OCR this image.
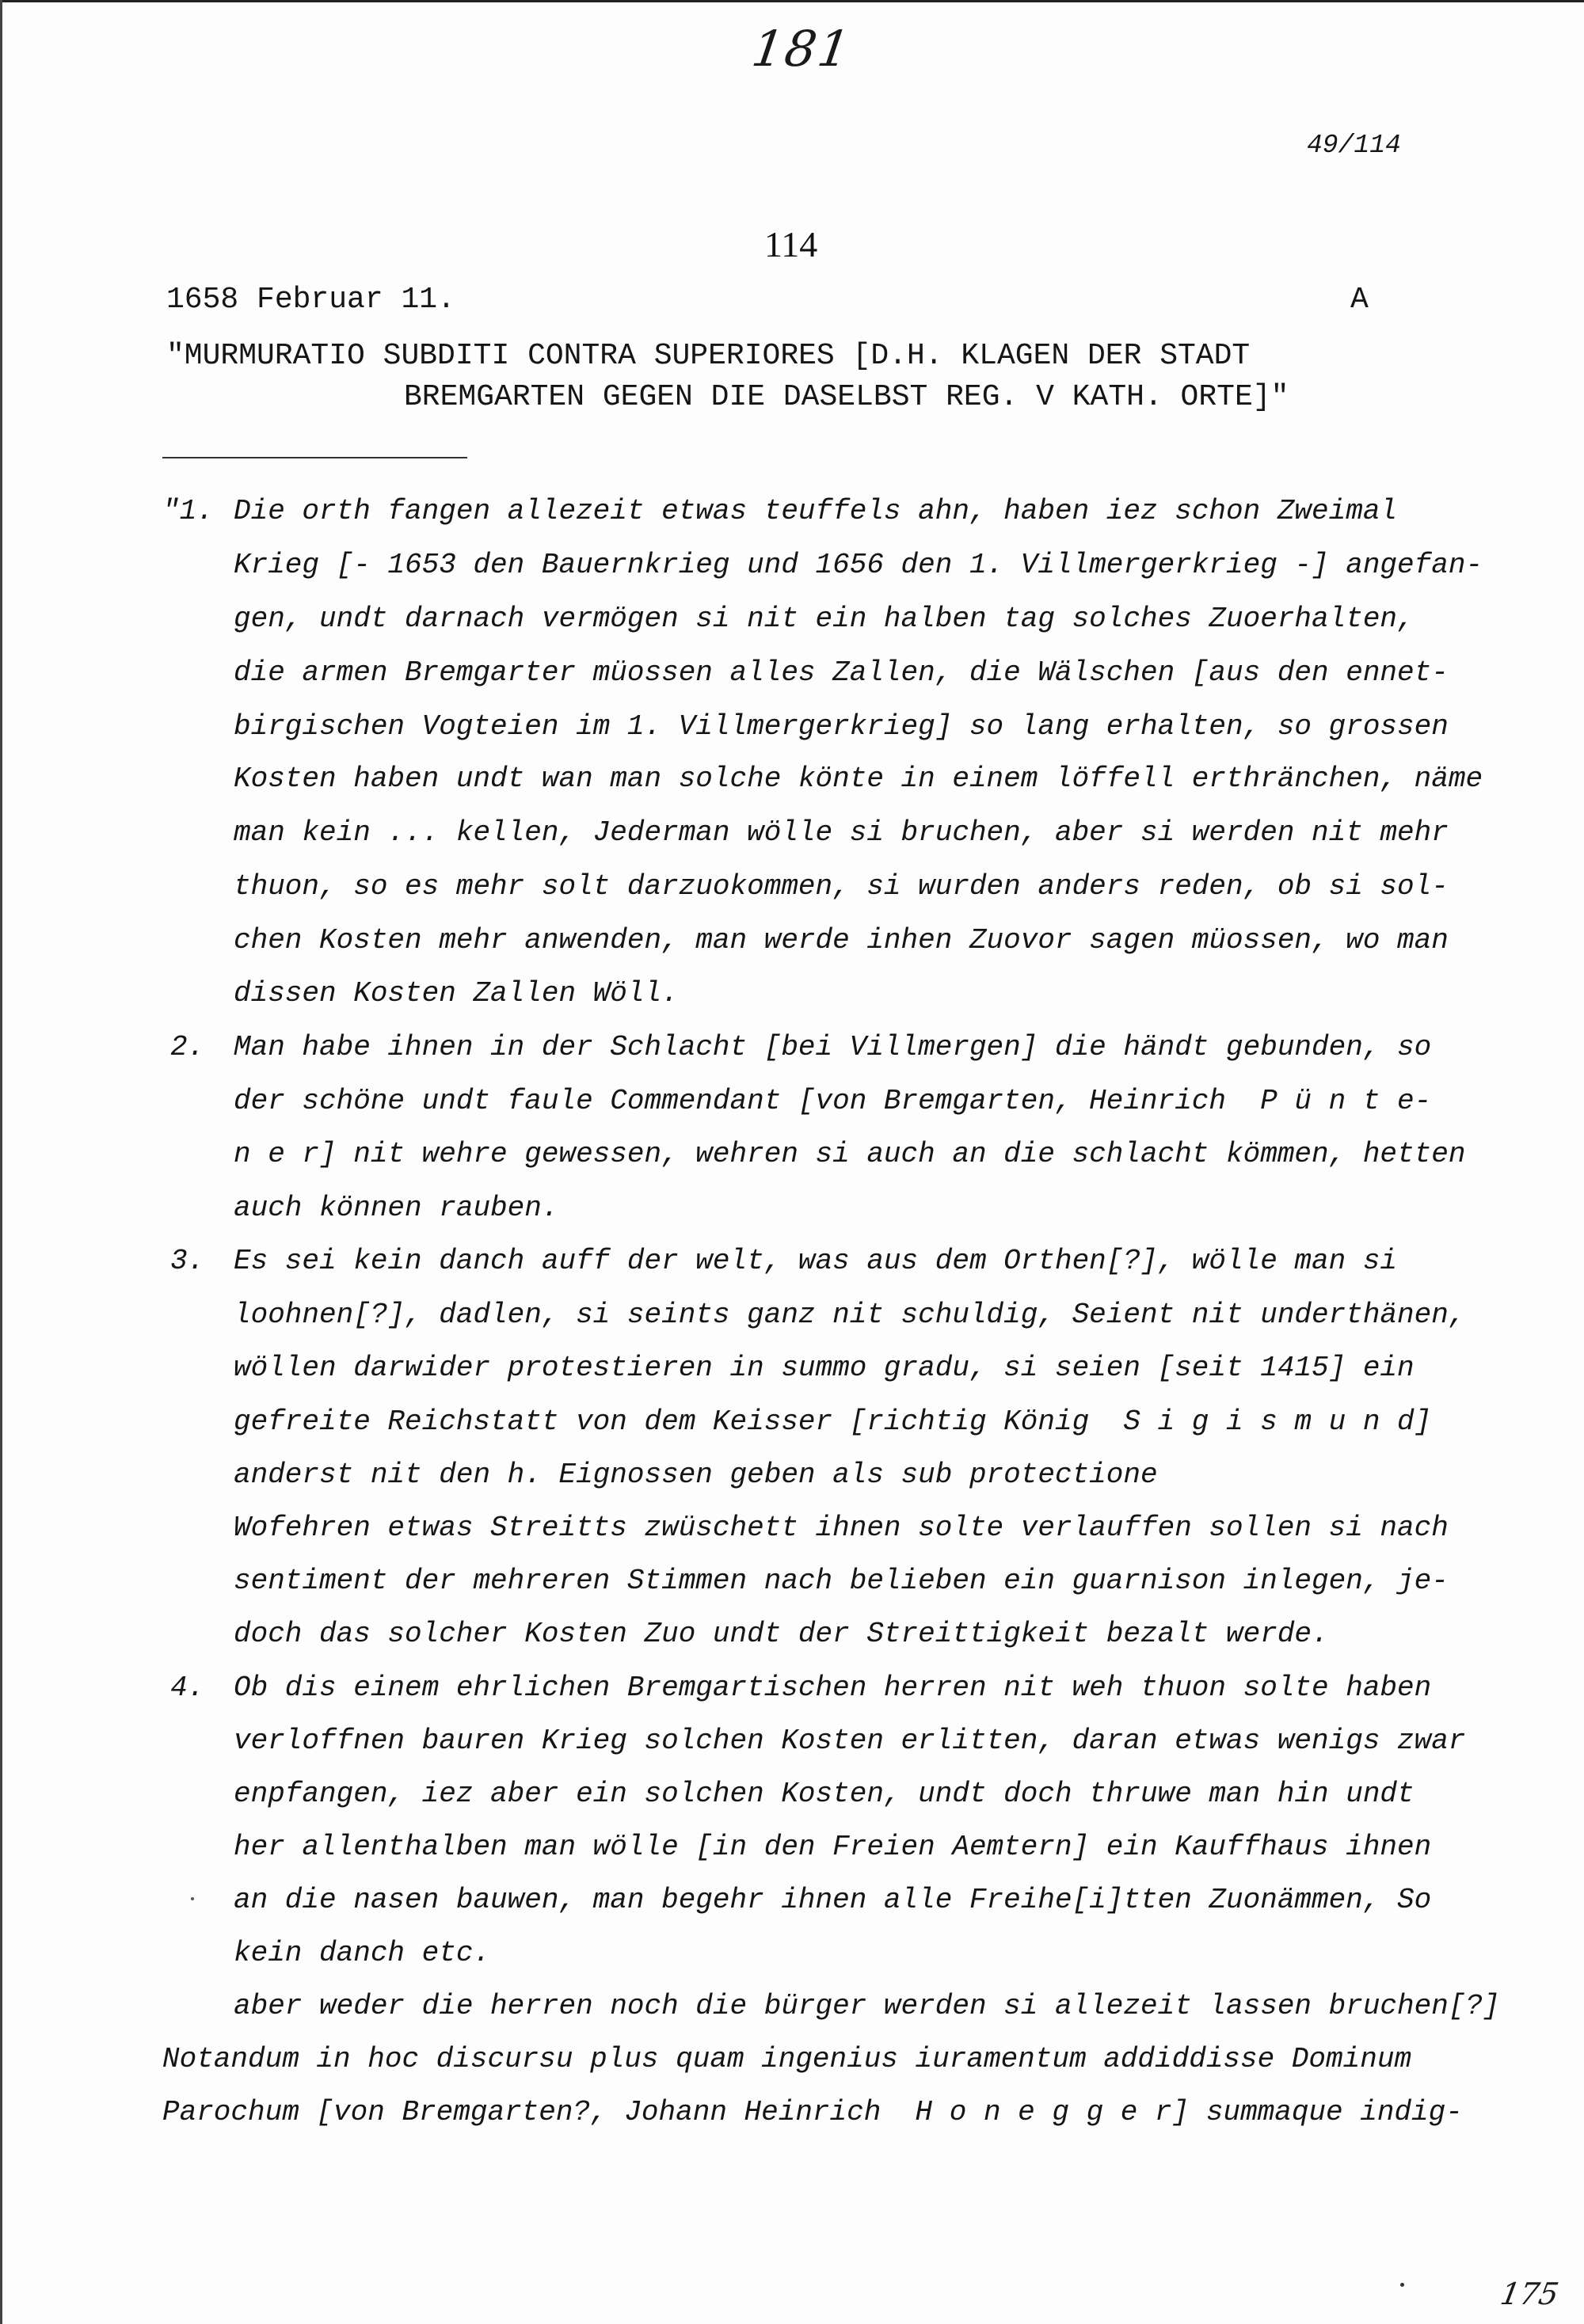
181
49/114
114
1658 Februar 11.	A
"MURMURATIO SUBDITI CONTRA SUPERIORES [D.H. KLAGEN DER STADT
BREMGARTEN GEGEN DIE DASELBST REG. V KATH. ORTE]"
"1.
2.
3.
4.
Die orth fangen allezeit etwas teuffels ahn, haben iez schon Zweimal
Krieg [- 1653 den Bauernkrieg und 1656 den 1. Villmergerkrieg -] angefan-
gen, undt darnach vermögen si nit ein halben tag solches Zuoerhalten,
die armen Bremgarter müossen alles Zallen, die Wälschen [aus den ennet-
birgischen Vogteien im 1. Villmergerkrieg] so lang erhalten, so grossen
Kosten haben undt wan man solche könte in einem löffell erthränchen, näme
man kein ... kellen, Jederman wölle si bruchen, aber si werden nit mehr
thuon, so es mehr solt darzuokommen, si wurden anders reden, ob si sol-
chen Kosten mehr anwenden, man werde inhen Zuovor sagen müossen, wo man
dissen Kosten Zallen Wöll.
Man habe ihnen in der Schlacht [bei Villmergen] die händt gebunden, so
der schöne undt faule Commendant [von Bremgarten, Heinrich  P ü n t e-
n e r] nit wehre gewessen, wehren si auch an die schlacht kömmen, hetten
auch können rauben.
Es sei kein danch auff der welt, was aus dem Orthen[?], wölle man si
loohnen[?], dadlen, si seints ganz nit schuldig, Seient nit underthänen,
wöllen darwider protestieren in summo gradu, si seien [seit 1415] ein
gefreite Reichstatt von dem Keisser [richtig König  S i g i s m u n d]
anderst nit den h. Eignossen geben als sub protectione
Wofehren etwas Streitts zwüschett ihnen solte verlauffen sollen si nach
sentiment der mehreren Stimmen nach belieben ein guarnison inlegen, je-
doch das solcher Kosten Zuo undt der Streittigkeit bezalt werde.
Ob dis einem ehrlichen Bremgartischen herren nit weh thuon solte haben
verloffnen bauren Krieg solchen Kosten erlitten, daran etwas wenigs zwar
enpfangen, iez aber ein solchen Kosten, undt doch thruwe man hin undt
her allenthalben man wölle [in den Freien Aemtern] ein Kauffhaus ihnen
an die nasen bauwen, man begehr ihnen alle Freihe[i]tten Zuonämmen, So
kein danch etc.
aber weder die herren noch die bürger werden si allezeit lassen bruchen[?]
Notandum in hoc discursu plus quam ingenius iuramentum addiddisse Dominum
Parochum [von Bremgarten?, Johann Heinrich  H o n e g g e r] summaque indig-
175
